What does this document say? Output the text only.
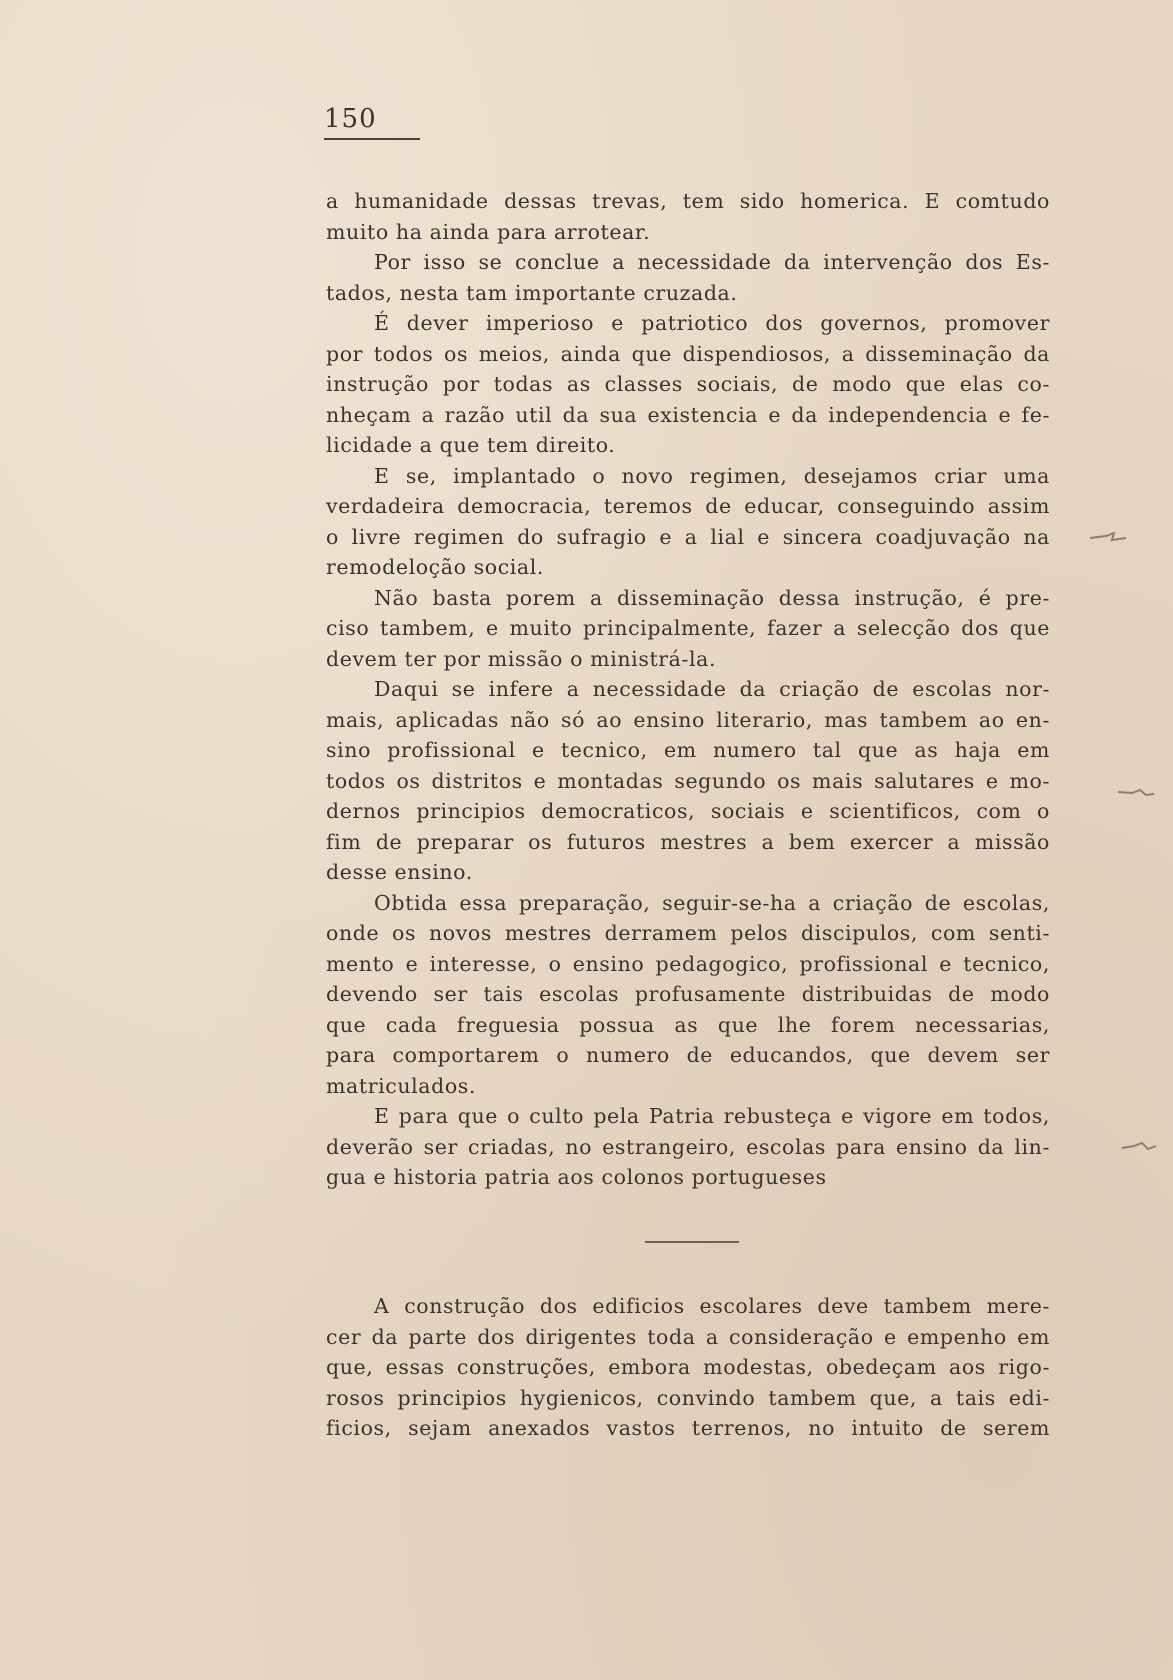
150
a humanidade dessas trevas, tem sido homerica. E comtudo
muito ha ainda para arrotear.
Por isso se conclue a necessidade da intervenção dos Es-
tados, nesta tam importante cruzada.
É dever imperioso e patriotico dos governos, promover
por todos os meios, ainda que dispendiosos, a disseminação da
instrução por todas as classes sociais, de modo que elas co-
nheçam a razão util da sua existencia e da independencia e fe-
licidade a que tem direito.
E se, implantado o novo regimen, desejamos criar uma
verdadeira democracia, teremos de educar, conseguindo assim
o livre regimen do sufragio e a lial e sincera coadjuvação na
remodeloção social.
Não basta porem a disseminação dessa instrução, é pre-
ciso tambem, e muito principalmente, fazer a selecção dos que
devem ter por missão o ministrá-la.
Daqui se infere a necessidade da criação de escolas nor-
mais, aplicadas não só ao ensino literario, mas tambem ao en-
sino profissional e tecnico, em numero tal que as haja em
todos os distritos e montadas segundo os mais salutares e mo-
dernos principios democraticos, sociais e scientificos, com o
fim de preparar os futuros mestres a bem exercer a missão
desse ensino.
Obtida essa preparação, seguir-se-ha a criação de escolas,
onde os novos mestres derramem pelos discipulos, com senti-
mento e interesse, o ensino pedagogico, profissional e tecnico,
devendo ser tais escolas profusamente distribuidas de modo
que cada freguesia possua as que lhe forem necessarias,
para comportarem o numero de educandos, que devem ser
matriculados.
E para que o culto pela Patria rebusteça e vigore em todos,
deverão ser criadas, no estrangeiro, escolas para ensino da lin-
gua e historia patria aos colonos portugueses
A construção dos edificios escolares deve tambem mere-
cer da parte dos dirigentes toda a consideração e empenho em
que, essas construções, embora modestas, obedeçam aos rigo-
rosos principios hygienicos, convindo tambem que, a tais edi-
ficios, sejam anexados vastos terrenos, no intuito de serem
